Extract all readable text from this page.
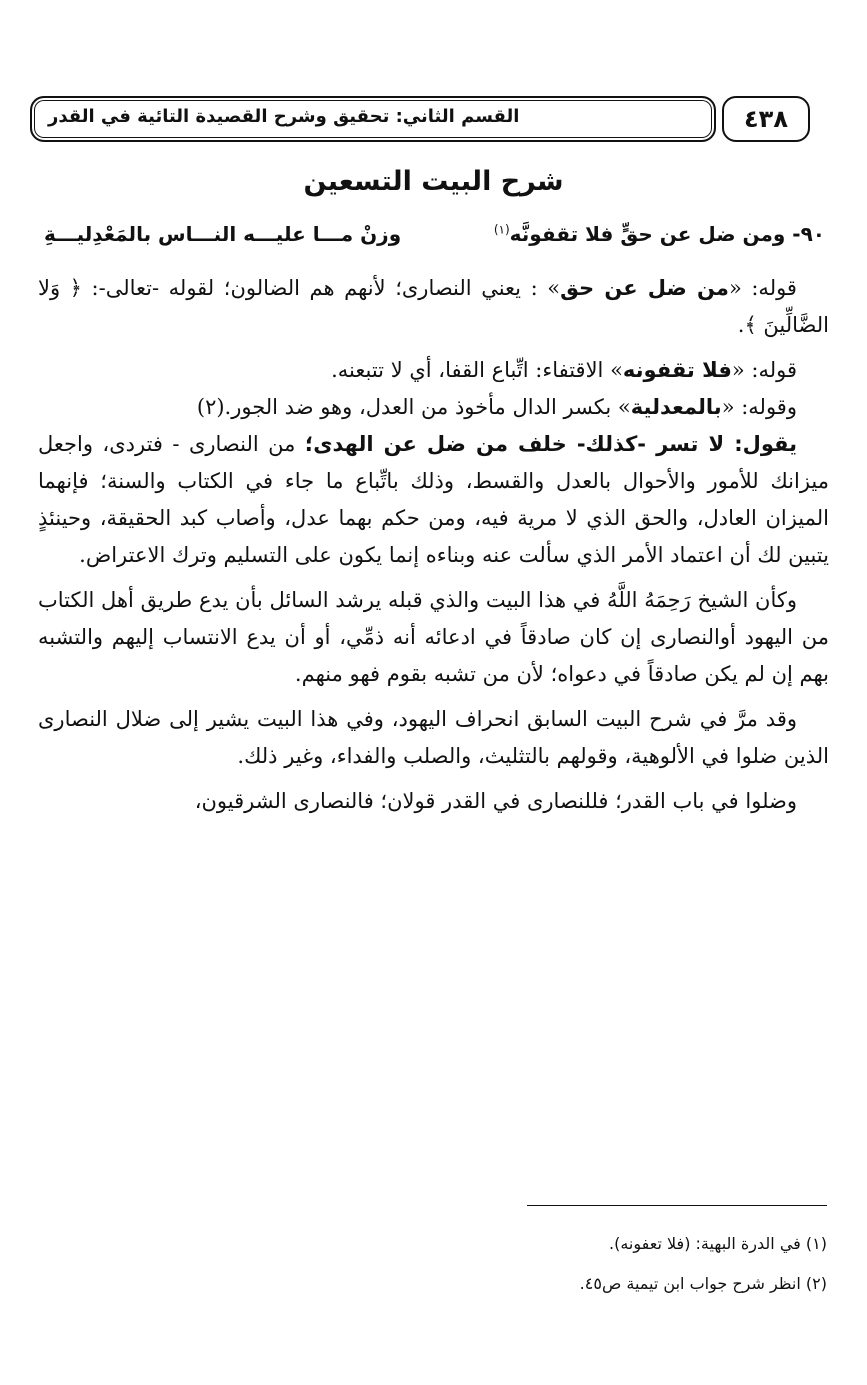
القسم الثاني: تحقيق وشرح القصيدة التائية في القدر	٤٣٨
شرح البيت التسعين
٩٠- ومن ضل عن حقٍّ فلا تقفونَّه$^{(١)}$
وزنْ مـــا عليـــه النـــاس بالمَعْدِليـــةِ

قوله: «من ضل عن حق» : يعني النصارى؛ لأنهم هم الضالون؛ لقوله -تعالى-: ﴿ وَلا الضَّالِّينَ ﴾.

قوله: «فلا تقفونه» الاقتفاء: اتِّباع القفا، أي لا تتبعنه.

وقوله: «بالمعدلية» بكسر الدال مأخوذ من العدل، وهو ضد الجور.(٢)

يقول: لا تسر -كذلك- خلف من ضل عن الهدى؛ من النصارى - فتردى، واجعل ميزانك للأمور والأحوال بالعدل والقسط، وذلك باتِّباع ما جاء في الكتاب والسنة؛ فإنهما الميزان العادل، والحق الذي لا مرية فيه، ومن حكم بهما عدل، وأصاب كبد الحقيقة، وحينئذٍ يتبين لك أن اعتماد الأمر الذي سألت عنه وبناءه إنما يكون على التسليم وترك الاعتراض.

وكأن الشيخ رَحِمَهُ اللَّهُ في هذا البيت والذي قبله يرشد السائل بأن يدع طريق أهل الكتاب من اليهود أوالنصارى إن كان صادقاً في ادعائه أنه ذمِّي، أو أن يدع الانتساب إليهم والتشبه بهم إن لم يكن صادقاً في دعواه؛ لأن من تشبه بقوم فهو منهم.

وقد مرَّ في شرح البيت السابق انحراف اليهود، وفي هذا البيت يشير إلى ضلال النصارى الذين ضلوا في الألوهية، وقولهم بالتثليث، والصلب والفداء، وغير ذلك.

وضلوا في باب القدر؛ فللنصارى في القدر قولان؛ فالنصارى الشرقيون،

(١) في الدرة البهية: (فلا تعفونه).
(٢) انظر شرح جواب ابن تيمية ص٤٥.
